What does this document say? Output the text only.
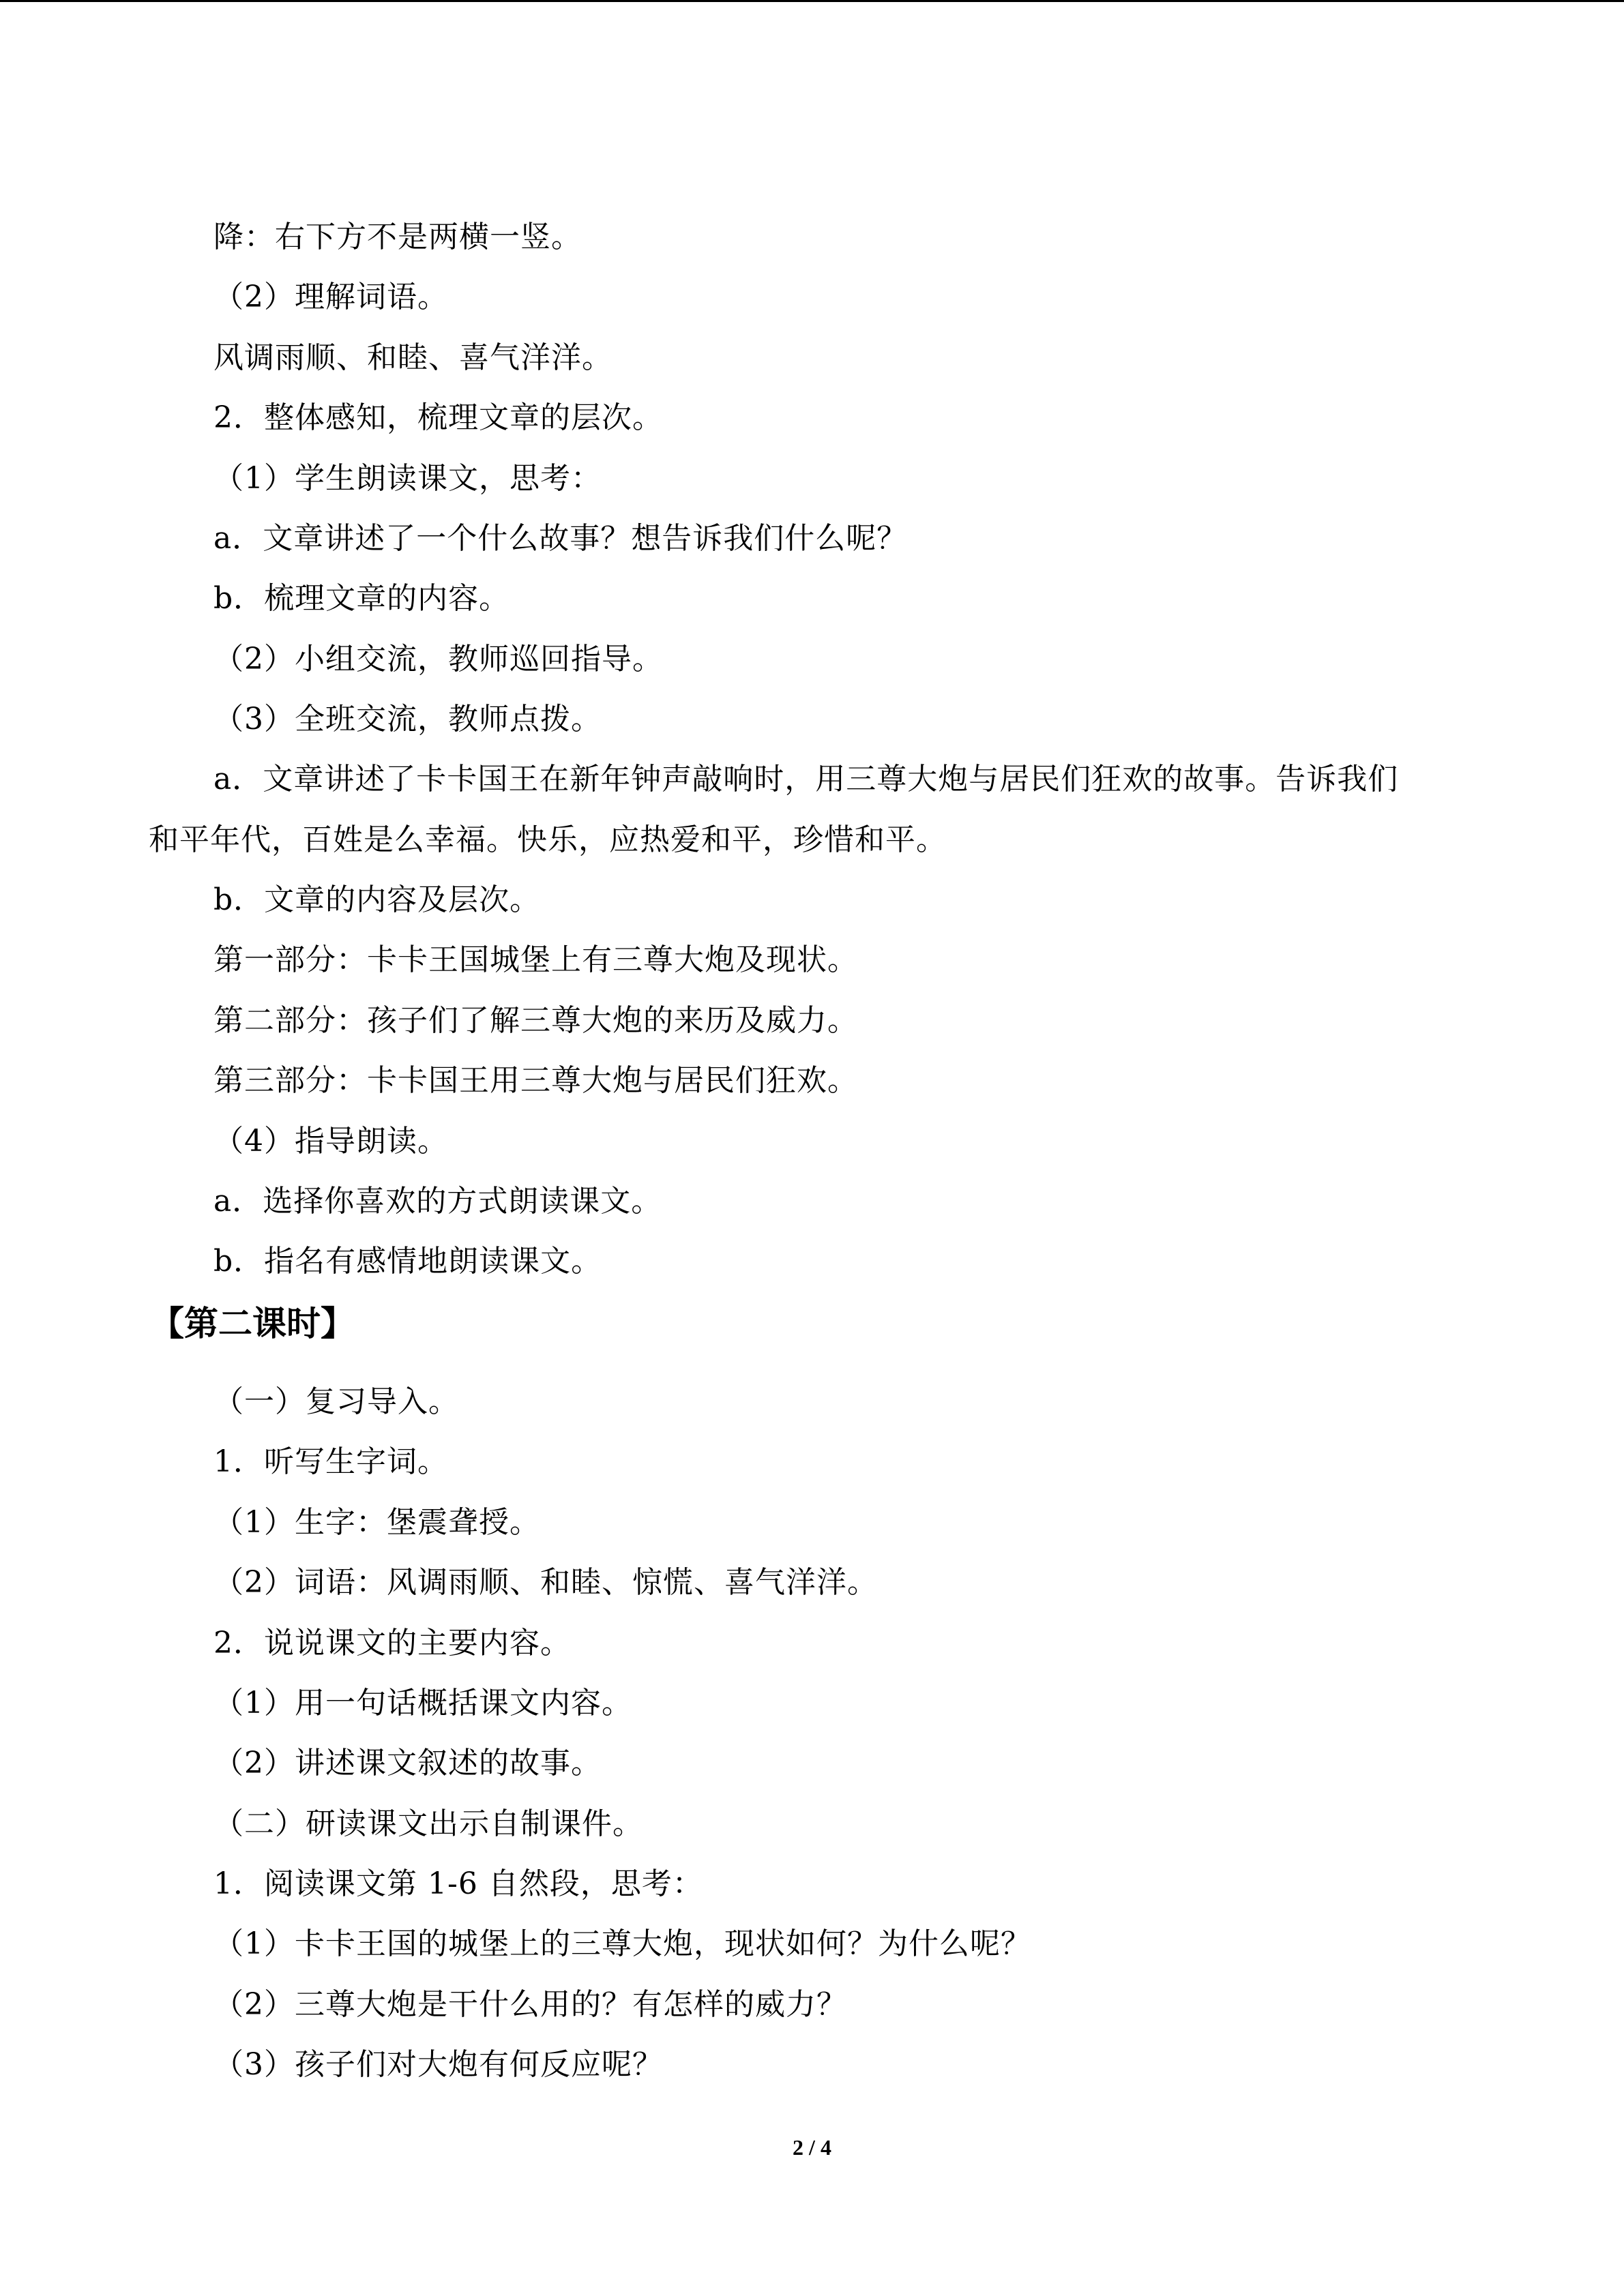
降：右下方不是两横一竖。
（2）理解词语。
风调雨顺、和睦、喜气洋洋。
2．整体感知，梳理文章的层次。
（1）学生朗读课文，思考：
a．文章讲述了一个什么故事？想告诉我们什么呢？
b．梳理文章的内容。
（2）小组交流，教师巡回指导。
（3）全班交流，教师点拨。
a．文章讲述了卡卡国王在新年钟声敲响时，用三尊大炮与居民们狂欢的故事。告诉我们
和平年代，百姓是么幸福。快乐，应热爱和平，珍惜和平。
b．文章的内容及层次。
第一部分：卡卡王国城堡上有三尊大炮及现状。
第二部分：孩子们了解三尊大炮的来历及威力。
第三部分：卡卡国王用三尊大炮与居民们狂欢。
（4）指导朗读。
a．选择你喜欢的方式朗读课文。
b．指名有感情地朗读课文。
【第二课时】
（一）复习导入。
1．听写生字词。
（1）生字：堡震聋授。
（2）词语：风调雨顺、和睦、惊慌、喜气洋洋。
2．说说课文的主要内容。
（1）用一句话概括课文内容。
（2）讲述课文叙述的故事。
（二）研读课文出示自制课件。
1．阅读课文第 1-6 自然段，思考：
（1）卡卡王国的城堡上的三尊大炮，现状如何？为什么呢？
（2）三尊大炮是干什么用的？有怎样的威力？
（3）孩子们对大炮有何反应呢？
2 / 4
